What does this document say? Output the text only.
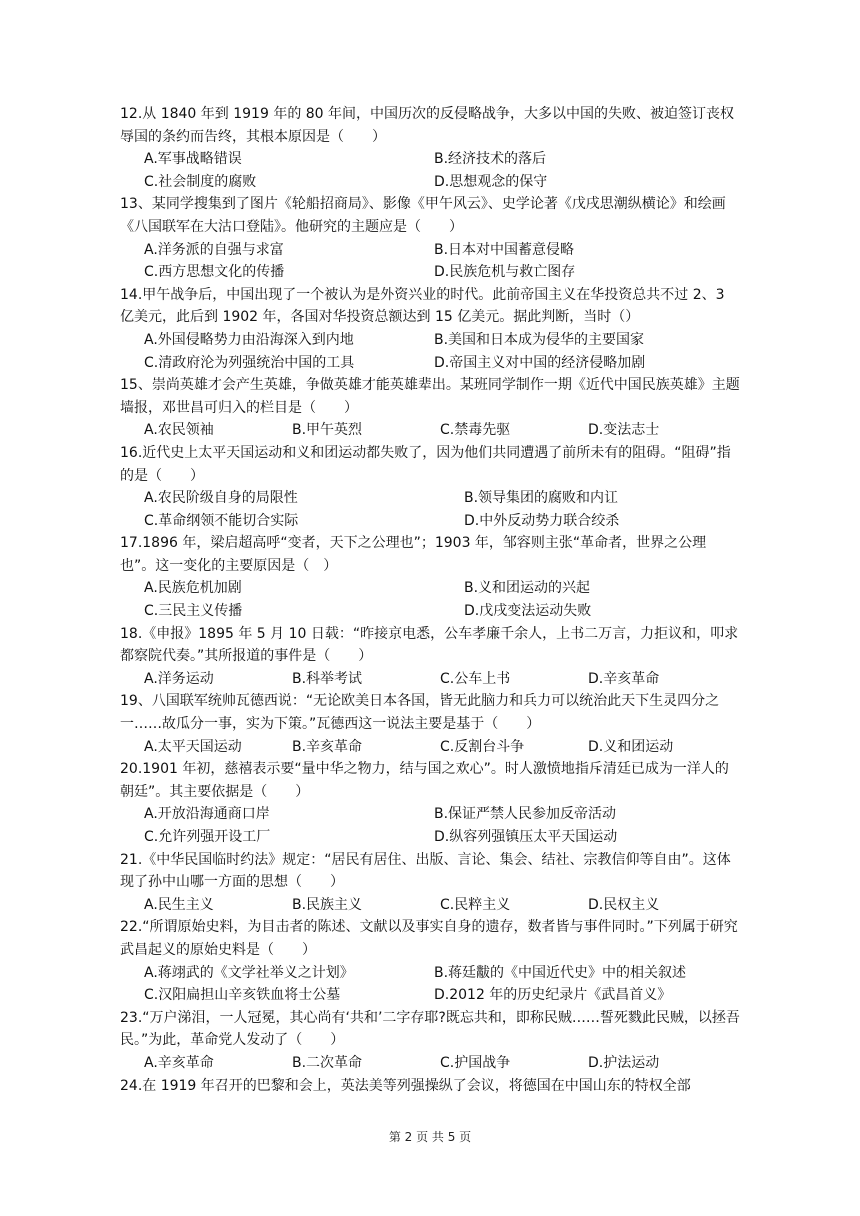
12.从 1840 年到 1919 年的 80 年间，中国历次的反侵略战争，大多以中国的失败、被迫签订丧权辱国的条约而告终，其根本原因是（　　）
A.军事战略错误	B.经济技术的落后
C.社会制度的腐败	D.思想观念的保守
13、某同学搜集到了图片《轮船招商局》、影像《甲午风云》、史学论著《戊戌思潮纵横论》和绘画《八国联军在大沽口登陆》。他研究的主题应是（　　）
A.洋务派的自强与求富	B.日本对中国蓄意侵略
C.西方思想文化的传播	D.民族危机与救亡图存
14.甲午战争后，中国出现了一个被认为是外资兴业的时代。此前帝国主义在华投资总共不过 2、3 亿美元，此后到 1902 年，各国对华投资总额达到 15 亿美元。据此判断，当时（）
A.外国侵略势力由沿海深入到内地	B.美国和日本成为侵华的主要国家
C.清政府沦为列强统治中国的工具	D.帝国主义对中国的经济侵略加剧
15、崇尚英雄才会产生英雄，争做英雄才能英雄辈出。某班同学制作一期《近代中国民族英雄》主题墙报，邓世昌可归入的栏目是（　　）
A.农民领袖	B.甲午英烈	C.禁毒先驱	D.变法志士
16.近代史上太平天国运动和义和团运动都失败了，因为他们共同遭遇了前所未有的阻碍。“阻碍”指的是（　　）
A.农民阶级自身的局限性	B.领导集团的腐败和内讧
C.革命纲领不能切合实际	D.中外反动势力联合绞杀
17.1896 年，梁启超高呼“变者，天下之公理也”；1903 年，邹容则主张“革命者，世界之公理也”。这一变化的主要原因是（　）
A.民族危机加剧	B.义和团运动的兴起
C.三民主义传播	D.戊戌变法运动失败
18.《申报》1895 年 5 月 10 日载：“昨接京电悉，公车孝廉千余人，上书二万言，力拒议和，叩求都察院代奏。”其所报道的事件是（　　）
A.洋务运动	B.科举考试	C.公车上书	D.辛亥革命
19、八国联军统帅瓦德西说：“无论欧美日本各国，皆无此脑力和兵力可以统治此天下生灵四分之一……故瓜分一事，实为下策。”瓦德西这一说法主要是基于（　　）
A.太平天国运动	B.辛亥革命	C.反割台斗争	D.义和团运动
20.1901 年初，慈禧表示要“量中华之物力，结与国之欢心”。时人激愤地指斥清廷已成为一洋人的朝廷”。其主要依据是（　　）
A.开放沿海通商口岸	B.保证严禁人民参加反帝活动
C.允许列强开设工厂	D.纵容列强镇压太平天国运动
21.《中华民国临时约法》规定：“居民有居住、出版、言论、集会、结社、宗教信仰等自由”。这体现了孙中山哪一方面的思想（　　）
A.民生主义	B.民族主义	C.民粹主义	D.民权主义
22.“所谓原始史料，为目击者的陈述、文献以及事实自身的遗存，数者皆与事件同时。”下列属于研究武昌起义的原始史料是（　　）
A.蒋翊武的《文学社举义之计划》	B.蒋廷黻的《中国近代史》中的相关叙述
C.汉阳扁担山辛亥铁血将士公墓	D.2012 年的历史纪录片《武昌首义》
23.“万户涕泪，一人冠冕，其心尚有‘共和’二字存耶?既忘共和，即称民贼……誓死戮此民贼，以拯吾民。”为此，革命党人发动了（　　）
A.辛亥革命	B.二次革命	C.护国战争	D.护法运动
24.在 1919 年召开的巴黎和会上，英法美等列强操纵了会议，将德国在中国山东的特权全部
第 2 页 共 5 页
